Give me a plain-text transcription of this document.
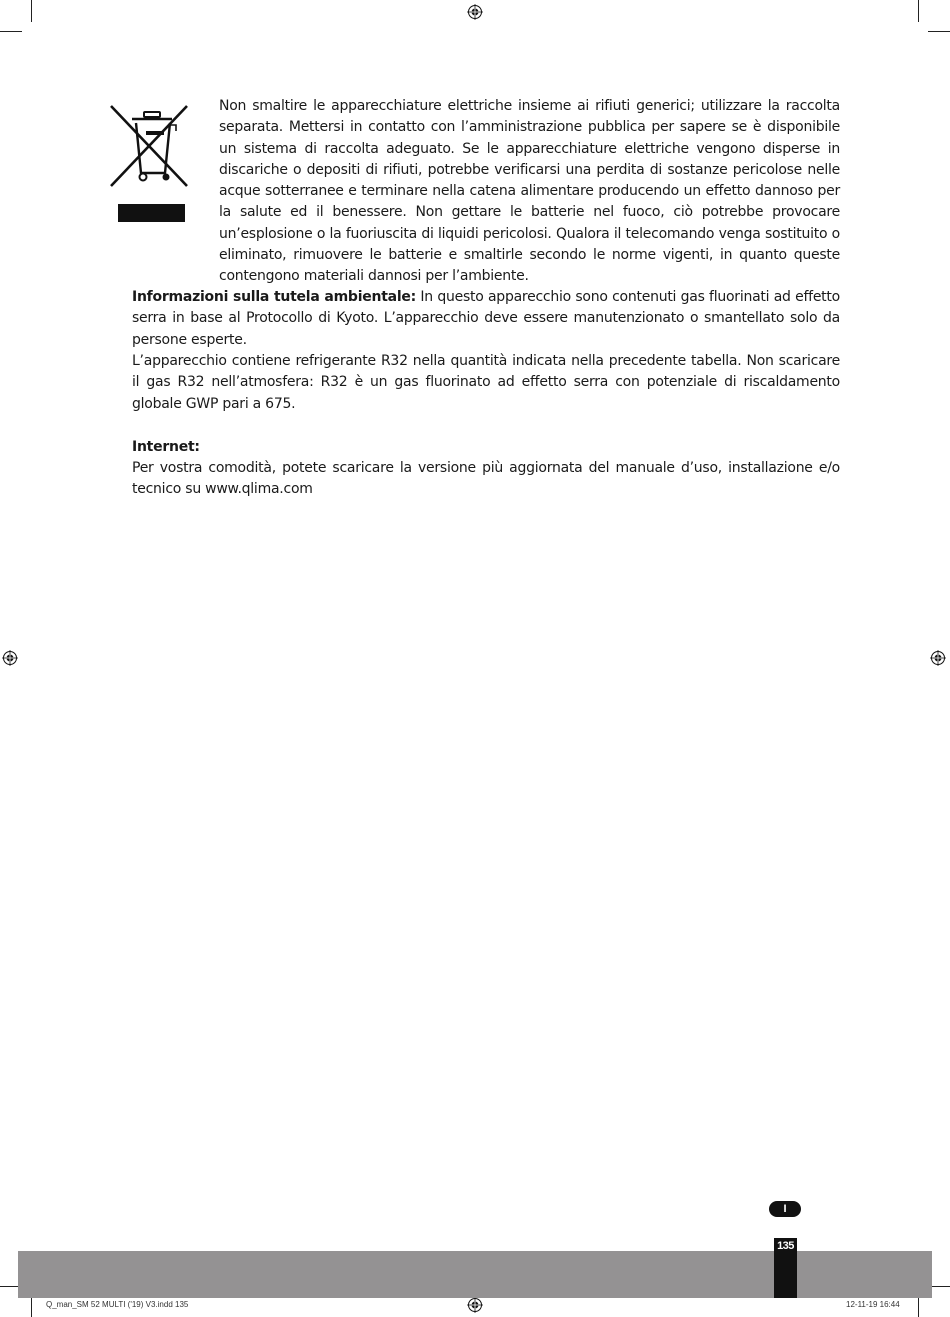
Non smaltire le apparecchiature elettriche insieme ai rifiuti generici; utilizzare la raccolta separata. Mettersi in contatto con l’amministrazione pubblica per sapere se è disponibile un sistema di raccolta adeguato. Se le apparecchiature elettriche vengono disperse in discariche o depositi di rifiuti, potrebbe verificarsi una perdita di sostanze pericolose nelle acque sotterranee e terminare nella catena alimentare producendo un effetto dannoso per la salute ed il benessere. Non gettare le batterie nel fuoco, ciò potrebbe provocare un’esplosione o la fuoriuscita di liquidi pericolosi. Qualora il telecomando venga sostituito o eliminato, rimuovere le batterie e smaltirle secondo le norme vigenti, in quanto queste contengono materiali dannosi per l’ambiente.

Informazioni sulla tutela ambientale: In questo apparecchio sono contenuti gas fluorinati ad effetto serra in base al Protocollo di Kyoto. L’apparecchio deve essere manutenzionato o smantellato solo da persone esperte.

L’apparecchio contiene refrigerante R32 nella quantità indicata nella precedente tabella. Non scaricare il gas R32 nell’atmosfera: R32 è un gas fluorinato ad effetto serra con potenziale di riscaldamento globale GWP pari a 675.

Internet:

Per vostra comodità, potete scaricare la versione più aggiornata del manuale d’uso, installazione e/o tecnico su www.qlima.com

I
135
Q_man_SM 52 MULTI ('19) V3.indd 135	12-11-19 16:44
